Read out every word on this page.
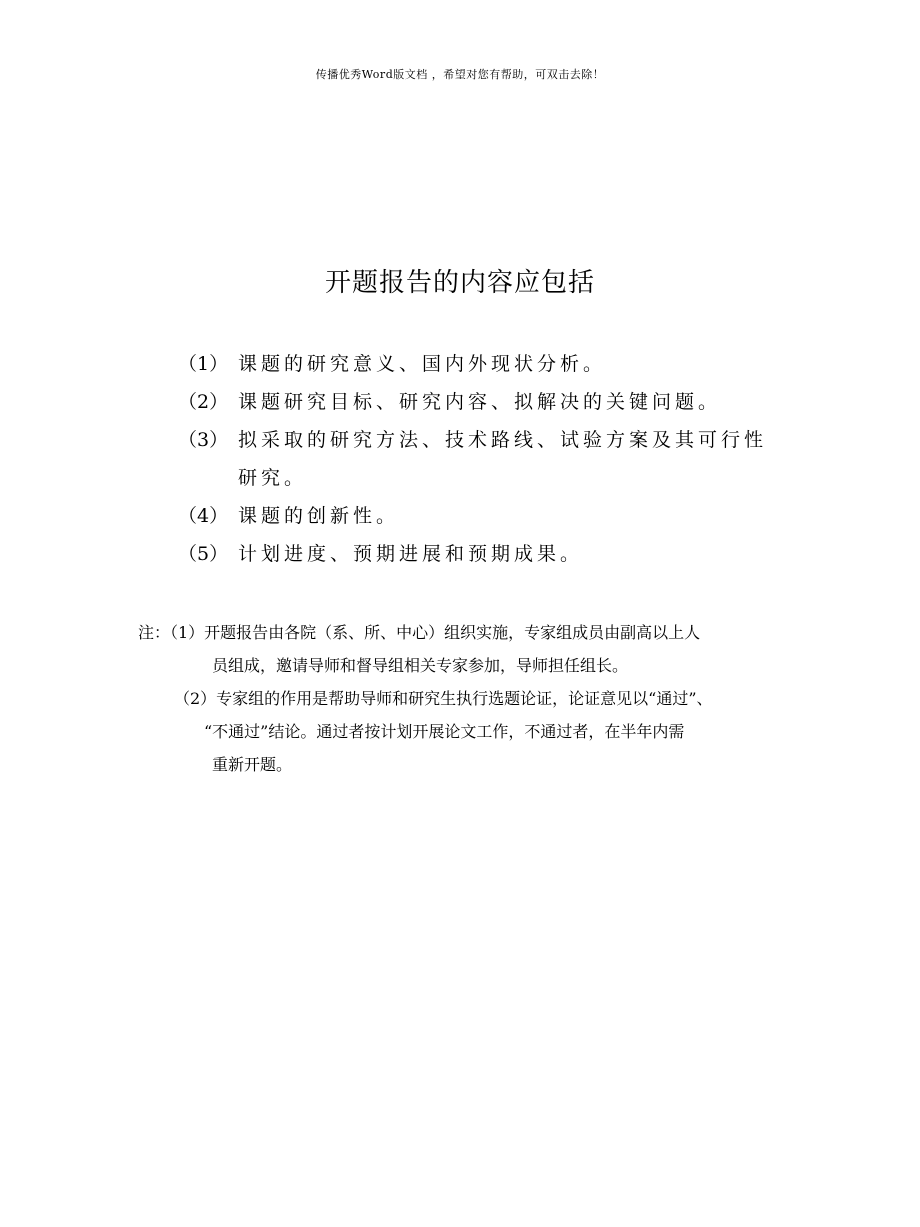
传播优秀Word版文档 ，希望对您有帮助，可双击去除！
开题报告的内容应包括
（1） 课题的研究意义、国内外现状分析。
（2） 课题研究目标、研究内容、拟解决的关键问题。
（3） 拟采取的研究方法、技术路线、试验方案及其可行性
研究。
（4） 课题的创新性。
（5） 计划进度、预期进展和预期成果。
注：（1）开题报告由各院（系、所、中心）组织实施，专家组成员由副高以上人
员组成，邀请导师和督导组相关专家参加，导师担任组长。
（2）专家组的作用是帮助导师和研究生执行选题论证，论证意见以“通过”、
“不通过”结论。通过者按计划开展论文工作，不通过者，在半年内需
重新开题。
